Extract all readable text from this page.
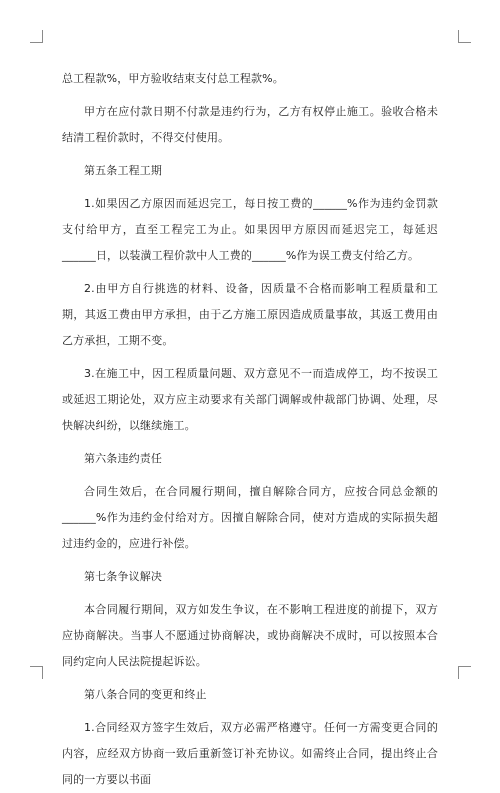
总工程款%，甲方验收结束支付总工程款%。

甲方在应付款日期不付款是违约行为，乙方有权停止施工。验收合格未结清工程价款时，不得交付使用。

第五条工程工期

1.如果因乙方原因而延迟完工，每日按工费的______%作为违约金罚款支付给甲方，直至工程完工为止。如果因甲方原因而延迟完工，每延迟______日，以装潢工程价款中人工费的______%作为误工费支付给乙方。

2.由甲方自行挑选的材料、设备，因质量不合格而影响工程质量和工期，其返工费由甲方承担，由于乙方施工原因造成质量事故，其返工费用由乙方承担，工期不变。

3.在施工中，因工程质量问题、双方意见不一而造成停工，均不按误工或延迟工期论处，双方应主动要求有关部门调解或仲裁部门协调、处理，尽快解决纠纷，以继续施工。

第六条违约责任

合同生效后，在合同履行期间，擅自解除合同方，应按合同总金额的______%作为违约金付给对方。因擅自解除合同，使对方造成的实际损失超过违约金的，应进行补偿。

第七条争议解决

本合同履行期间，双方如发生争议，在不影响工程进度的前提下，双方应协商解决。当事人不愿通过协商解决，或协商解决不成时，可以按照本合同约定向人民法院提起诉讼。

第八条合同的变更和终止

1.合同经双方签字生效后，双方必需严格遵守。任何一方需变更合同的内容，应经双方协商一致后重新签订补充协议。如需终止合同，提出终止合同的一方要以书面
